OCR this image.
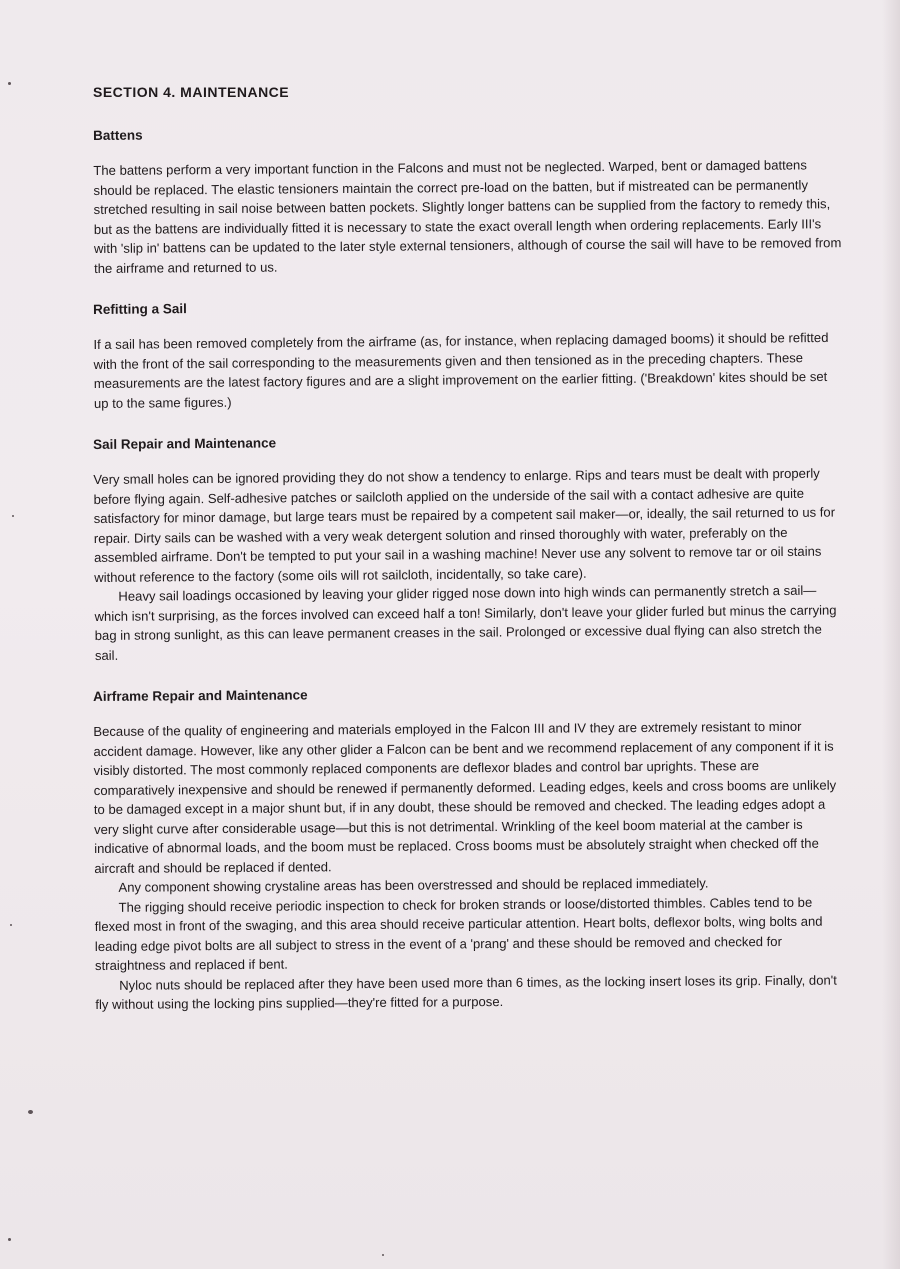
SECTION 4. MAINTENANCE
Battens

The battens perform a very important function in the Falcons and must not be neglected. Warped, bent or damaged battens should be replaced. The elastic tensioners maintain the correct pre-load on the batten, but if mistreated can be permanently stretched resulting in sail noise between batten pockets. Slightly longer battens can be supplied from the factory to remedy this, but as the battens are individually fitted it is necessary to state the exact overall length when ordering replacements. Early III's with 'slip in' battens can be updated to the later style external tensioners, although of course the sail will have to be removed from the airframe and returned to us.

Refitting a Sail

If a sail has been removed completely from the airframe (as, for instance, when replacing damaged booms) it should be refitted with the front of the sail corresponding to the measurements given and then tensioned as in the preceding chapters. These measurements are the latest factory figures and are a slight improvement on the earlier fitting. ('Breakdown' kites should be set up to the same figures.)

Sail Repair and Maintenance

Very small holes can be ignored providing they do not show a tendency to enlarge. Rips and tears must be dealt with properly before flying again. Self-adhesive patches or sailcloth applied on the underside of the sail with a contact adhesive are quite satisfactory for minor damage, but large tears must be repaired by a competent sail maker—or, ideally, the sail returned to us for repair. Dirty sails can be washed with a very weak detergent solution and rinsed thoroughly with water, preferably on the assembled airframe. Don't be tempted to put your sail in a washing machine! Never use any solvent to remove tar or oil stains without reference to the factory (some oils will rot sailcloth, incidentally, so take care).

Heavy sail loadings occasioned by leaving your glider rigged nose down into high winds can permanently stretch a sail—which isn't surprising, as the forces involved can exceed half a ton! Similarly, don't leave your glider furled but minus the carrying bag in strong sunlight, as this can leave permanent creases in the sail. Prolonged or excessive dual flying can also stretch the sail.

Airframe Repair and Maintenance

Because of the quality of engineering and materials employed in the Falcon III and IV they are extremely resistant to minor accident damage. However, like any other glider a Falcon can be bent and we recommend replacement of any component if it is visibly distorted. The most commonly replaced components are deflexor blades and control bar uprights. These are comparatively inexpensive and should be renewed if permanently deformed. Leading edges, keels and cross booms are unlikely to be damaged except in a major shunt but, if in any doubt, these should be removed and checked. The leading edges adopt a very slight curve after considerable usage—but this is not detrimental. Wrinkling of the keel boom material at the camber is indicative of abnormal loads, and the boom must be replaced. Cross booms must be absolutely straight when checked off the aircraft and should be replaced if dented.

Any component showing crystaline areas has been overstressed and should be replaced immediately.

The rigging should receive periodic inspection to check for broken strands or loose/distorted thimbles. Cables tend to be flexed most in front of the swaging, and this area should receive particular attention. Heart bolts, deflexor bolts, wing bolts and leading edge pivot bolts are all subject to stress in the event of a 'prang' and these should be removed and checked for straightness and replaced if bent.

Nyloc nuts should be replaced after they have been used more than 6 times, as the locking insert loses its grip. Finally, don't fly without using the locking pins supplied—they're fitted for a purpose.
